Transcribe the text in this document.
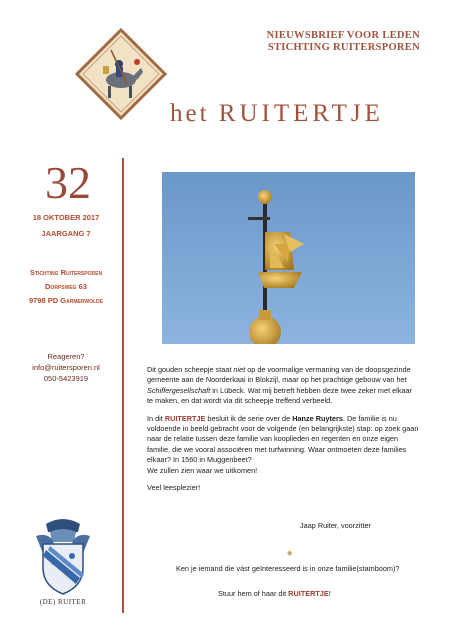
NIEUWSBRIEF VOOR LEDEN
STICHTING RUITERSPOREN
het RUITERTJE
32
18 OKTOBER 2017
JAARGANG 7
Stichting Ruitersporen
Dorpsweg 63
9798 PD Garmerwolde
Reageren?
info@ruitersporen.nl
050-5423919

Dit gouden scheepje staat niet op de voormalige vermaning van de doopsgezinde gemeente aan de Noorderkaai in Blokzijl, maar op het prachtige gebouw van het Schiffergesellschaft in Lübeck. Wat mij betreft hebben deze twee zeker met elkaar te maken, en dat wordt via dit scheepje treffend verbeeld.

In dit RUITERTJE besluit ik de serie over de Hanze Ruyters. De familie is nu voldoende in beeld gebracht voor de volgende (en belangrijkste) stap: op zoek gaan naar de relatie tussen deze familie van kooplieden en regenten en onze eigen familie, die we vooral associëren met turfwinning. Waar ontmoeten deze families elkaar? In 1560 in Muggenbeet?
We zullen zien waar we uitkomen!

Veel leesplezier!

Jaap Ruiter, voorzitter
◆
Ken je iemand die vást geïnteresseerd is in onze familie(stamboom)?
Stuur hem of haar dit RUITERTJE!
(DE) RUITER
